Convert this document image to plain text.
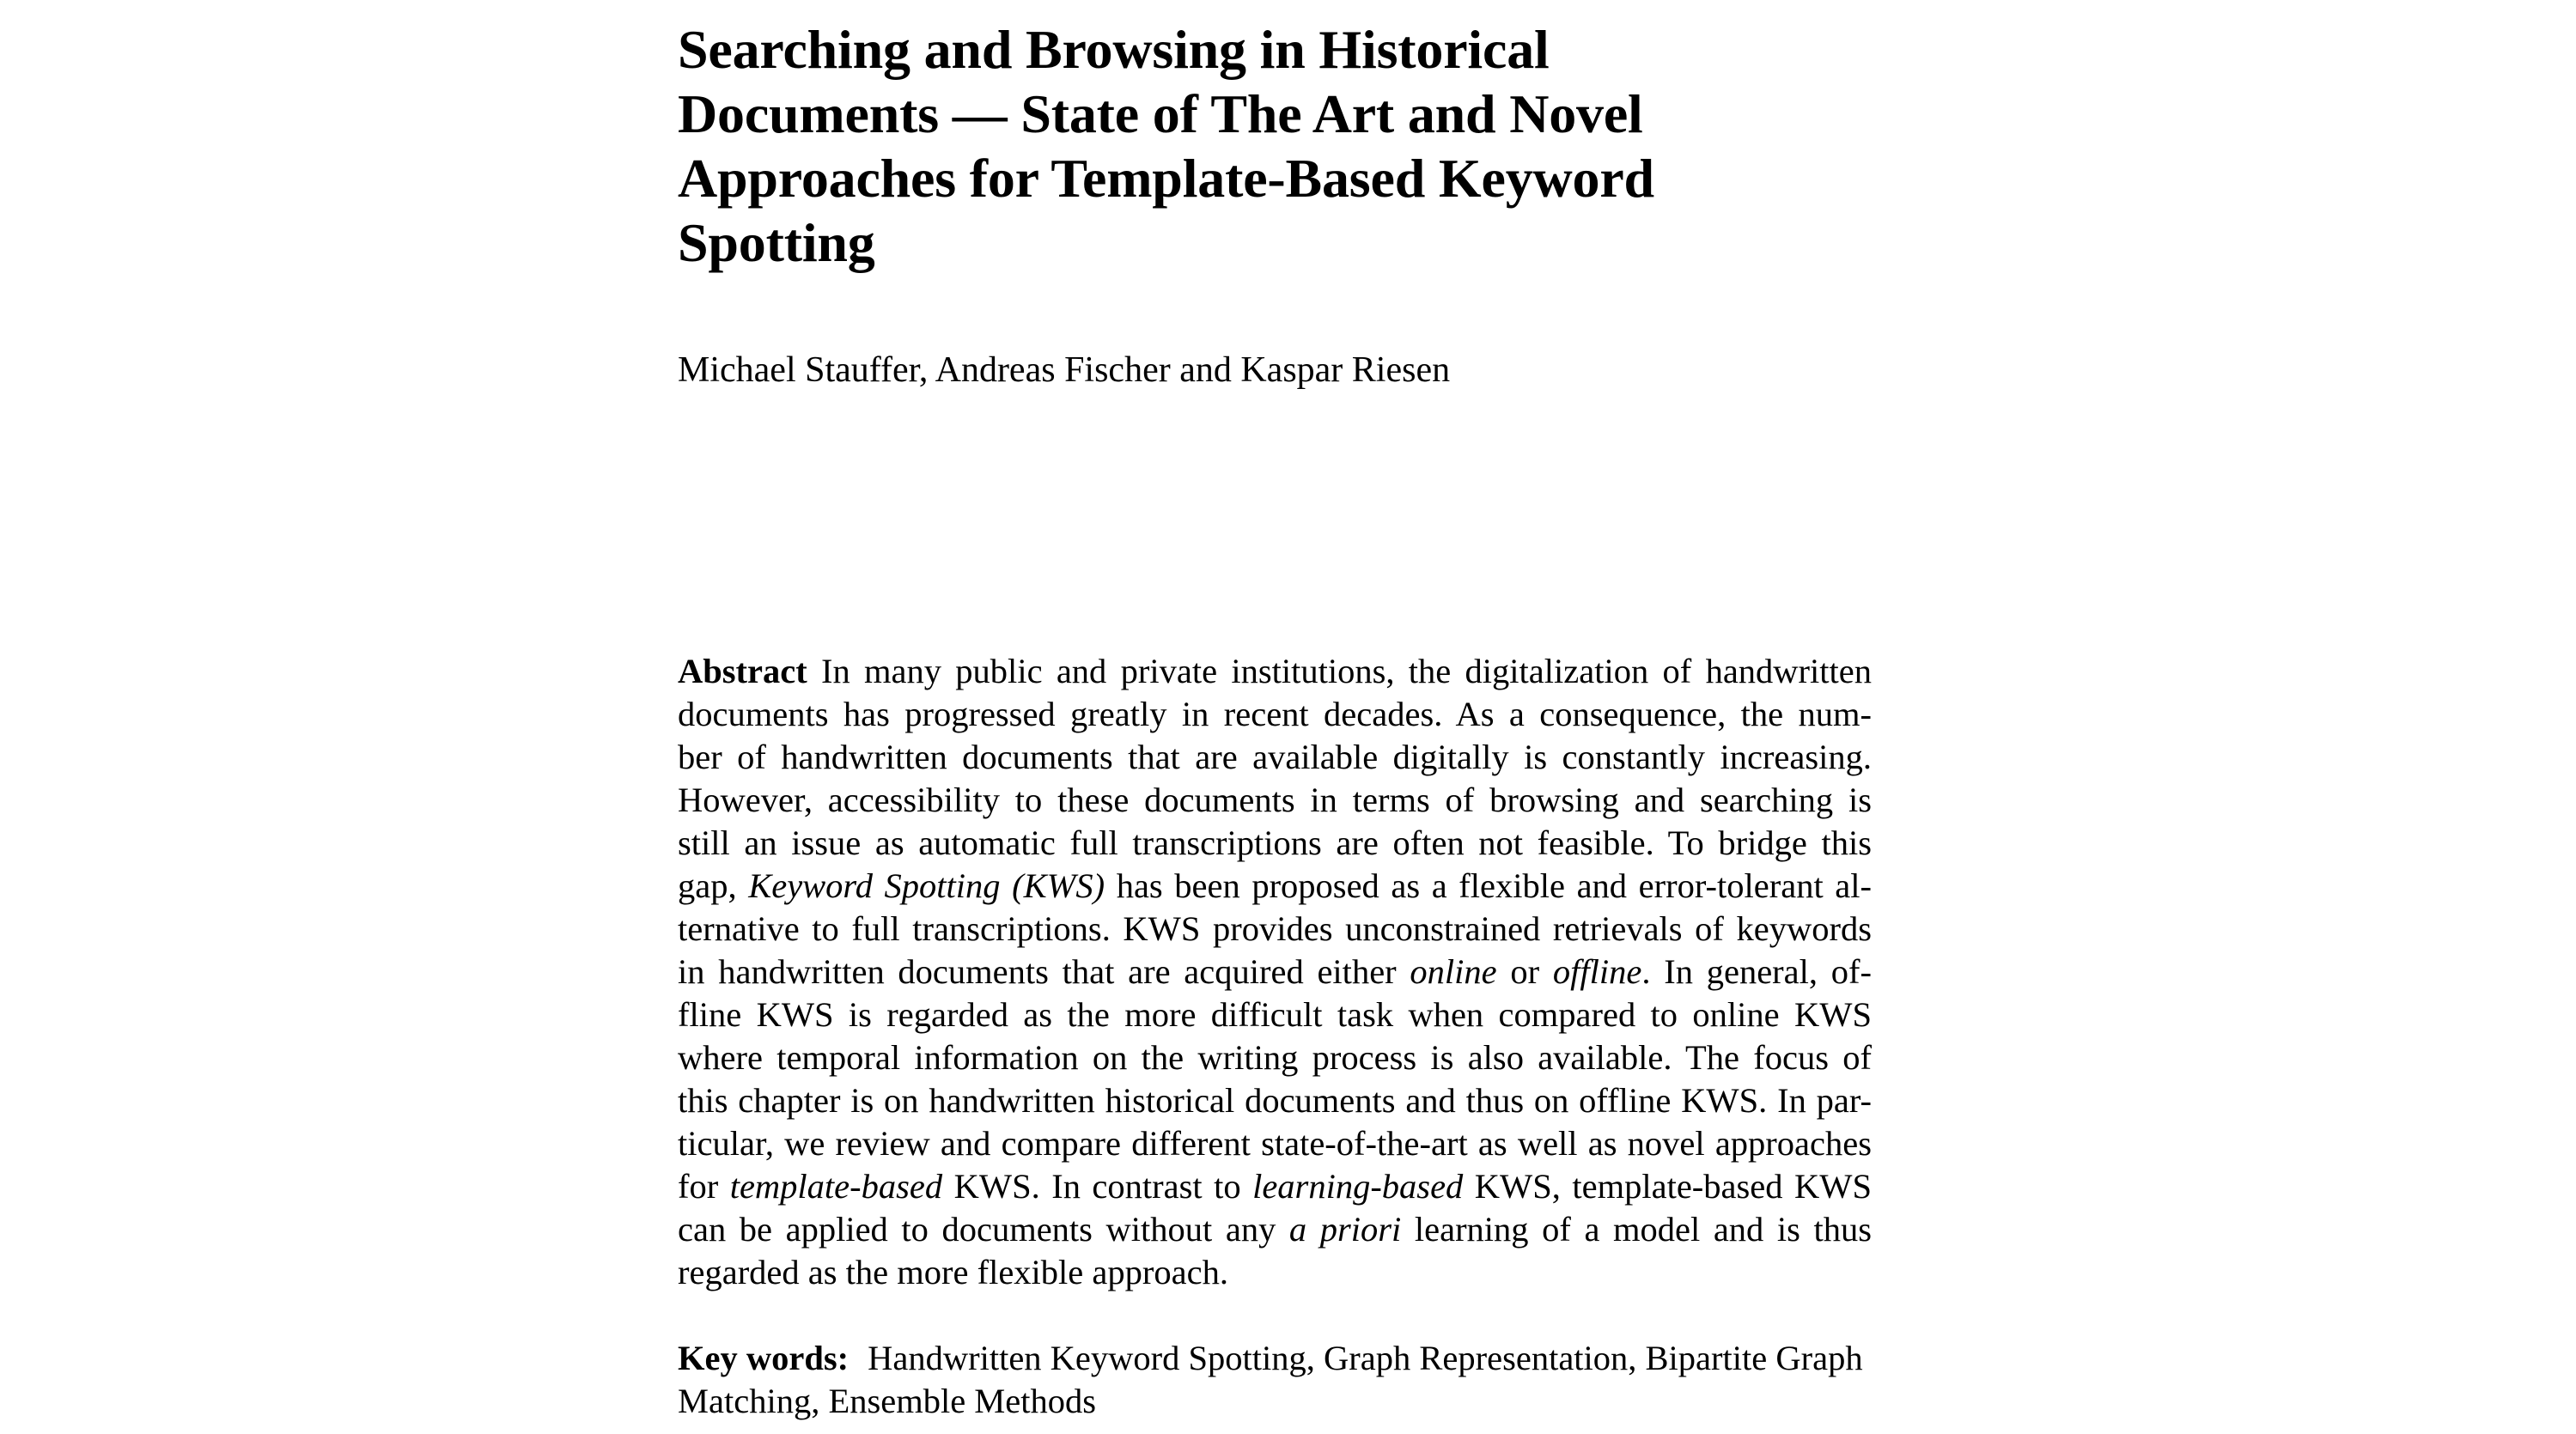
Searching and Browsing in Historical
Documents — State of The Art and Novel
Approaches for Template-Based Keyword
Spotting

Michael Stauffer, Andreas Fischer and Kaspar Riesen

Abstract In many public and private institutions, the digitalization of handwritten
documents has progressed greatly in recent decades. As a consequence, the num-
ber of handwritten documents that are available digitally is constantly increasing.
However, accessibility to these documents in terms of browsing and searching is
still an issue as automatic full transcriptions are often not feasible. To bridge this
gap, Keyword Spotting (KWS) has been proposed as a flexible and error-tolerant al-
ternative to full transcriptions. KWS provides unconstrained retrievals of keywords
in handwritten documents that are acquired either online or offline. In general, of-
fline KWS is regarded as the more difficult task when compared to online KWS
where temporal information on the writing process is also available. The focus of
this chapter is on handwritten historical documents and thus on offline KWS. In par-
ticular, we review and compare different state-of-the-art as well as novel approaches
for template-based KWS. In contrast to learning-based KWS, template-based KWS
can be applied to documents without any a priori learning of a model and is thus
regarded as the more flexible approach.
Key words: Handwritten Keyword Spotting, Graph Representation, Bipartite Graph
Matching, Ensemble Methods
